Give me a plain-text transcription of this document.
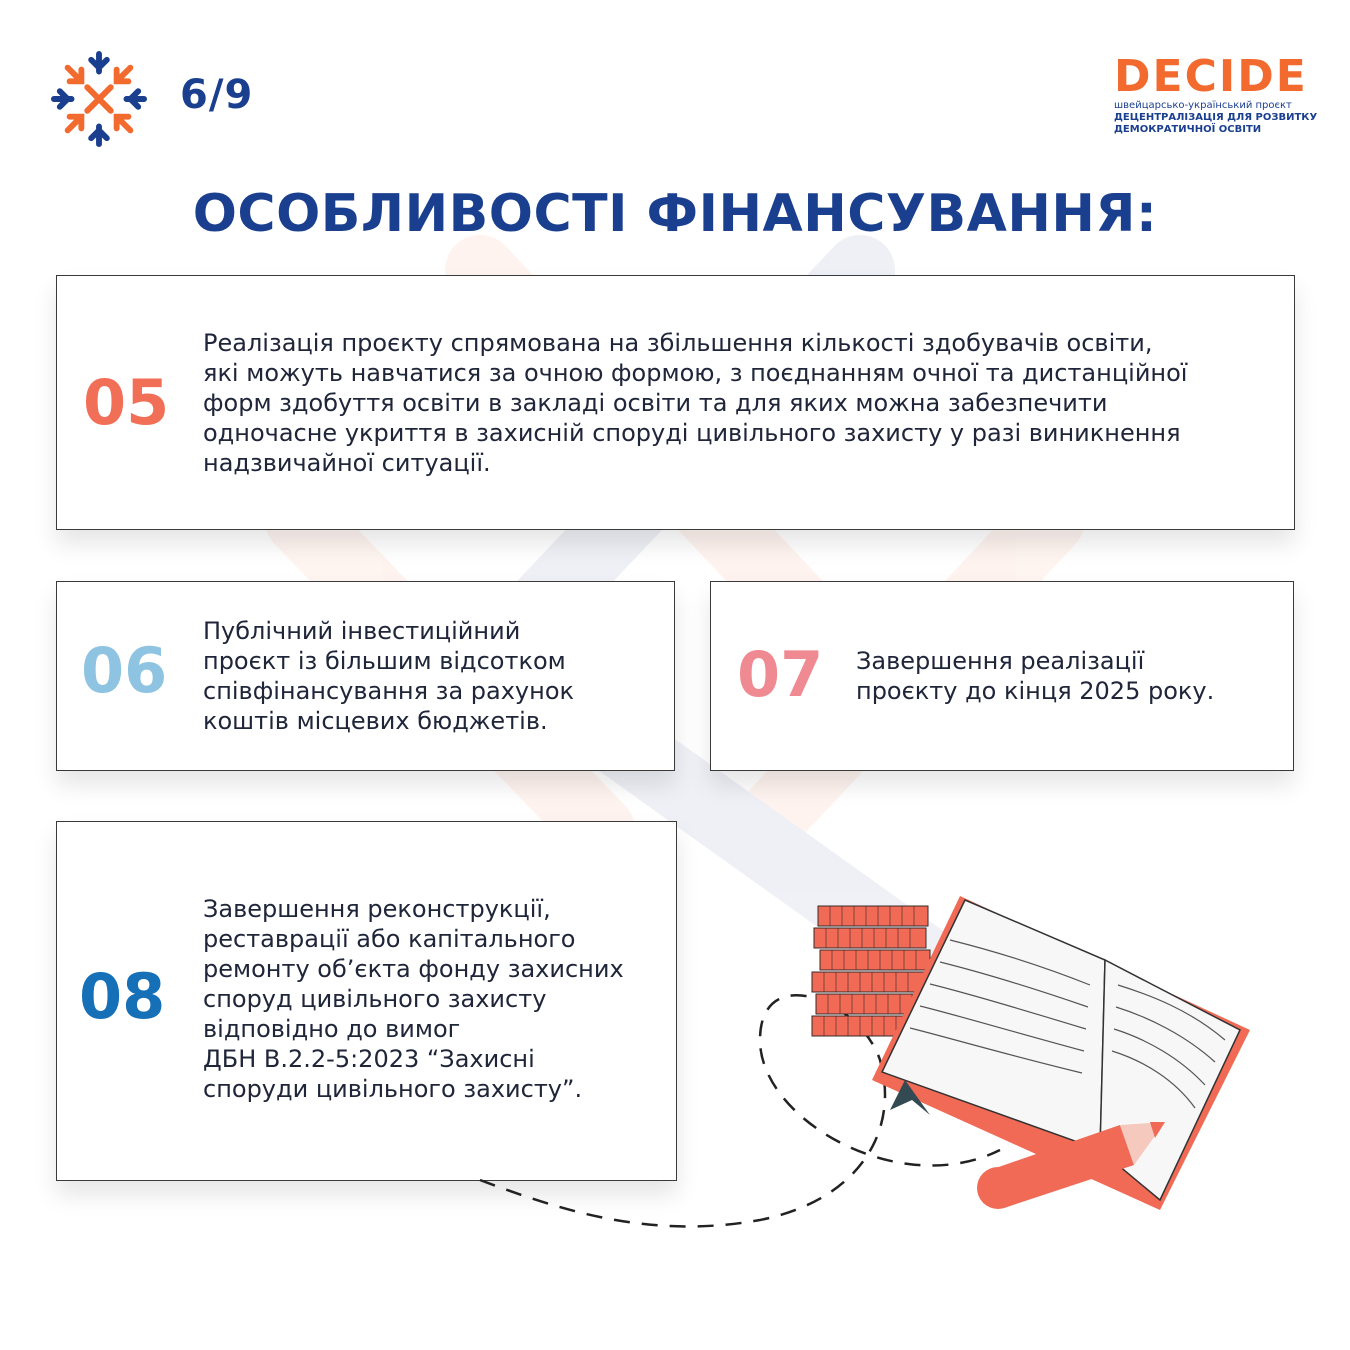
6/9	DECIDE
швейцарсько-український проєкт
ДЕЦЕНТРАЛІЗАЦІЯ ДЛЯ РОЗВИТКУ
ДЕМОКРАТИЧНОЇ ОСВІТИ
ОСОБЛИВОСТІ ФІНАНСУВАННЯ:
05
Реалізація проєкту спрямована на збільшення кількості здобувачів освіти,
які можуть навчатися за очною формою, з поєднанням очної та дистанційної
форм здобуття освіти в закладі освіти та для яких можна забезпечити
одночасне укриття в захисній споруді цивільного захисту у разі виникнення
надзвичайної ситуації.
06
Публічний інвестиційний
проєкт із більшим відсотком
співфінансування за рахунок
коштів місцевих бюджетів.
07 Завершення реалізації
проєкту до кінця 2025 року.
08
Завершення реконструкції,
реставрації або капітального
ремонту об’єкта фонду захисних
споруд цивільного захисту
відповідно до вимог
ДБН В.2.2-5:2023 “Захисні
споруди цивільного захисту”.
